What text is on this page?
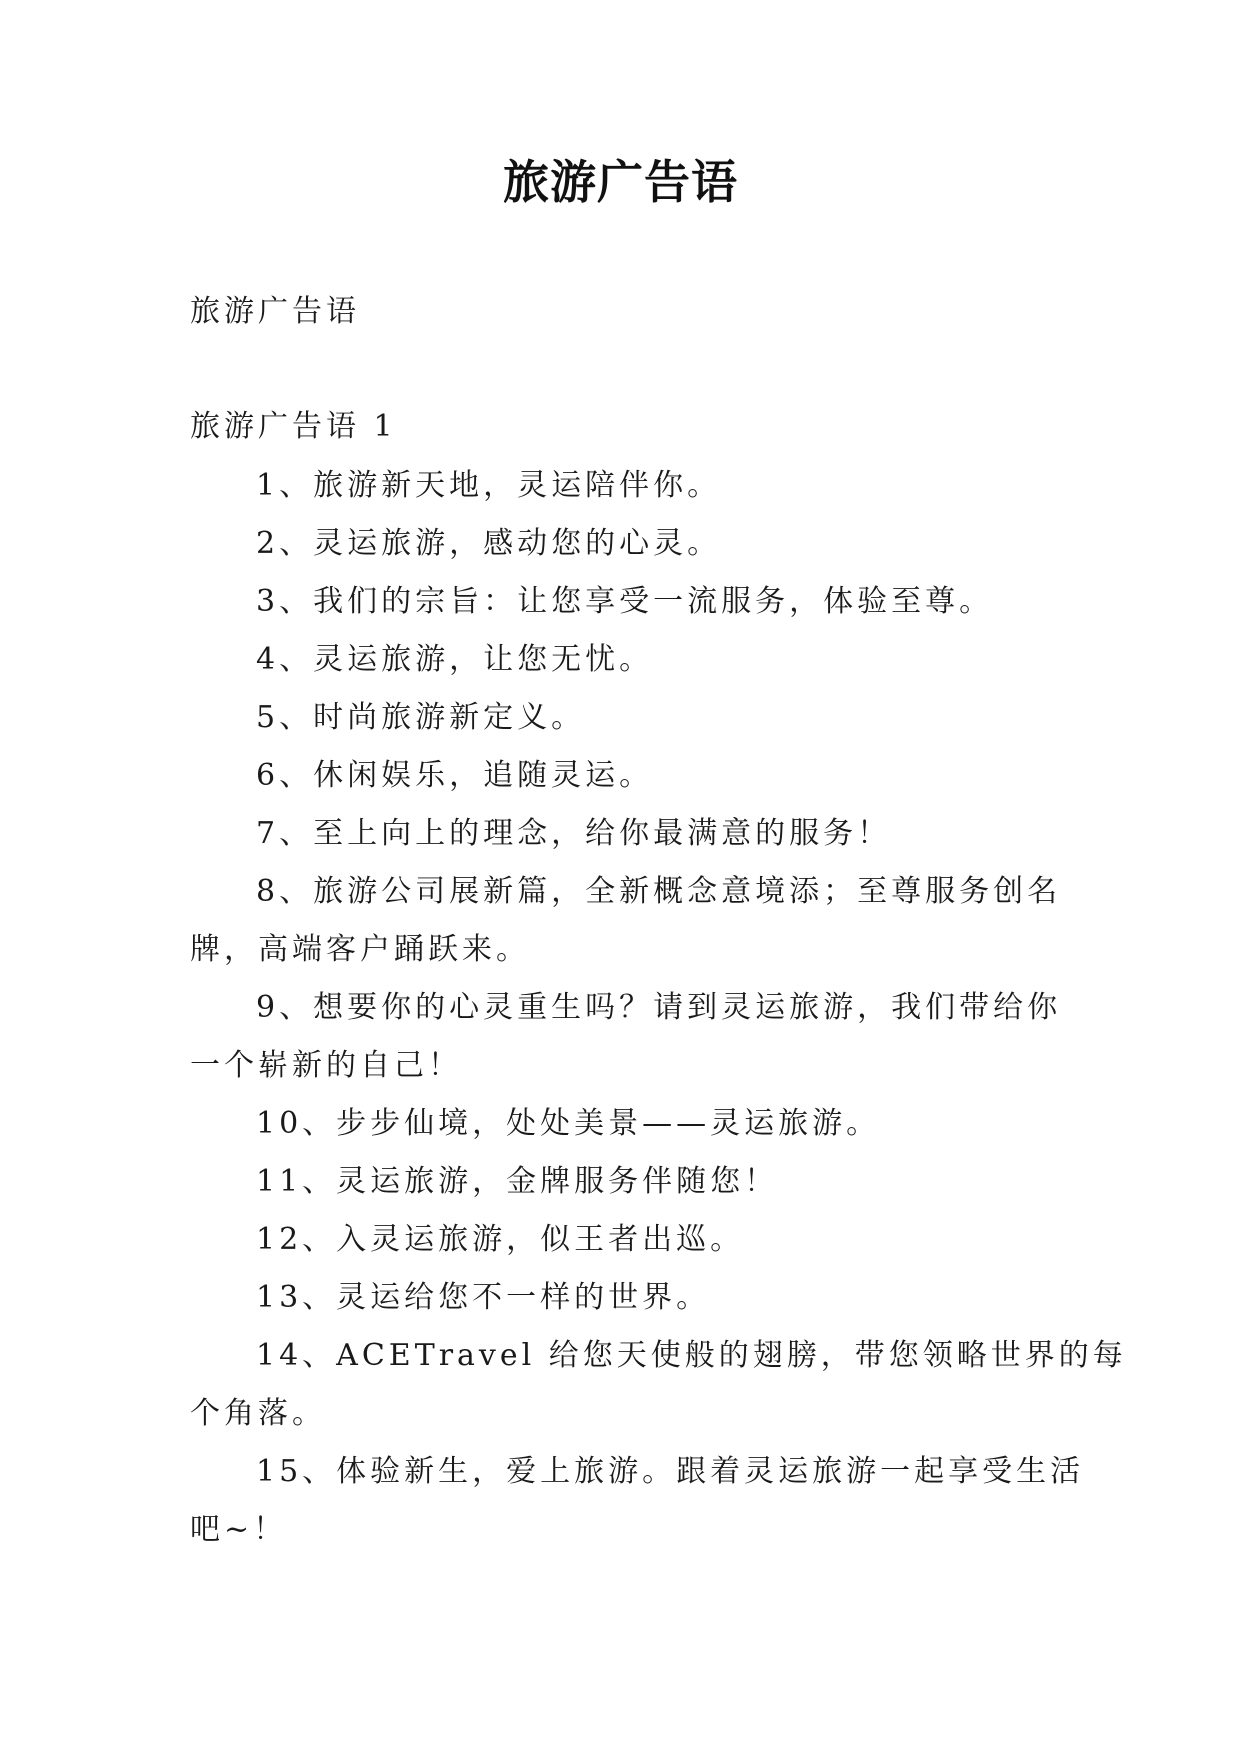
旅游广告语
旅游广告语
旅游广告语 1
1、旅游新天地，灵运陪伴你。
2、灵运旅游，感动您的心灵。
3、我们的宗旨：让您享受一流服务，体验至尊。
4、灵运旅游，让您无忧。
5、时尚旅游新定义。
6、休闲娱乐，追随灵运。
7、至上向上的理念，给你最满意的服务！
8、旅游公司展新篇，全新概念意境添；至尊服务创名
牌，高端客户踊跃来。
9、想要你的心灵重生吗？请到灵运旅游，我们带给你
一个崭新的自己！
10、步步仙境，处处美景——灵运旅游。
11、灵运旅游，金牌服务伴随您！
12、入灵运旅游，似王者出巡。
13、灵运给您不一样的世界。
14、ACETravel 给您天使般的翅膀，带您领略世界的每
个角落。
15、体验新生，爱上旅游。跟着灵运旅游一起享受生活
吧~！
